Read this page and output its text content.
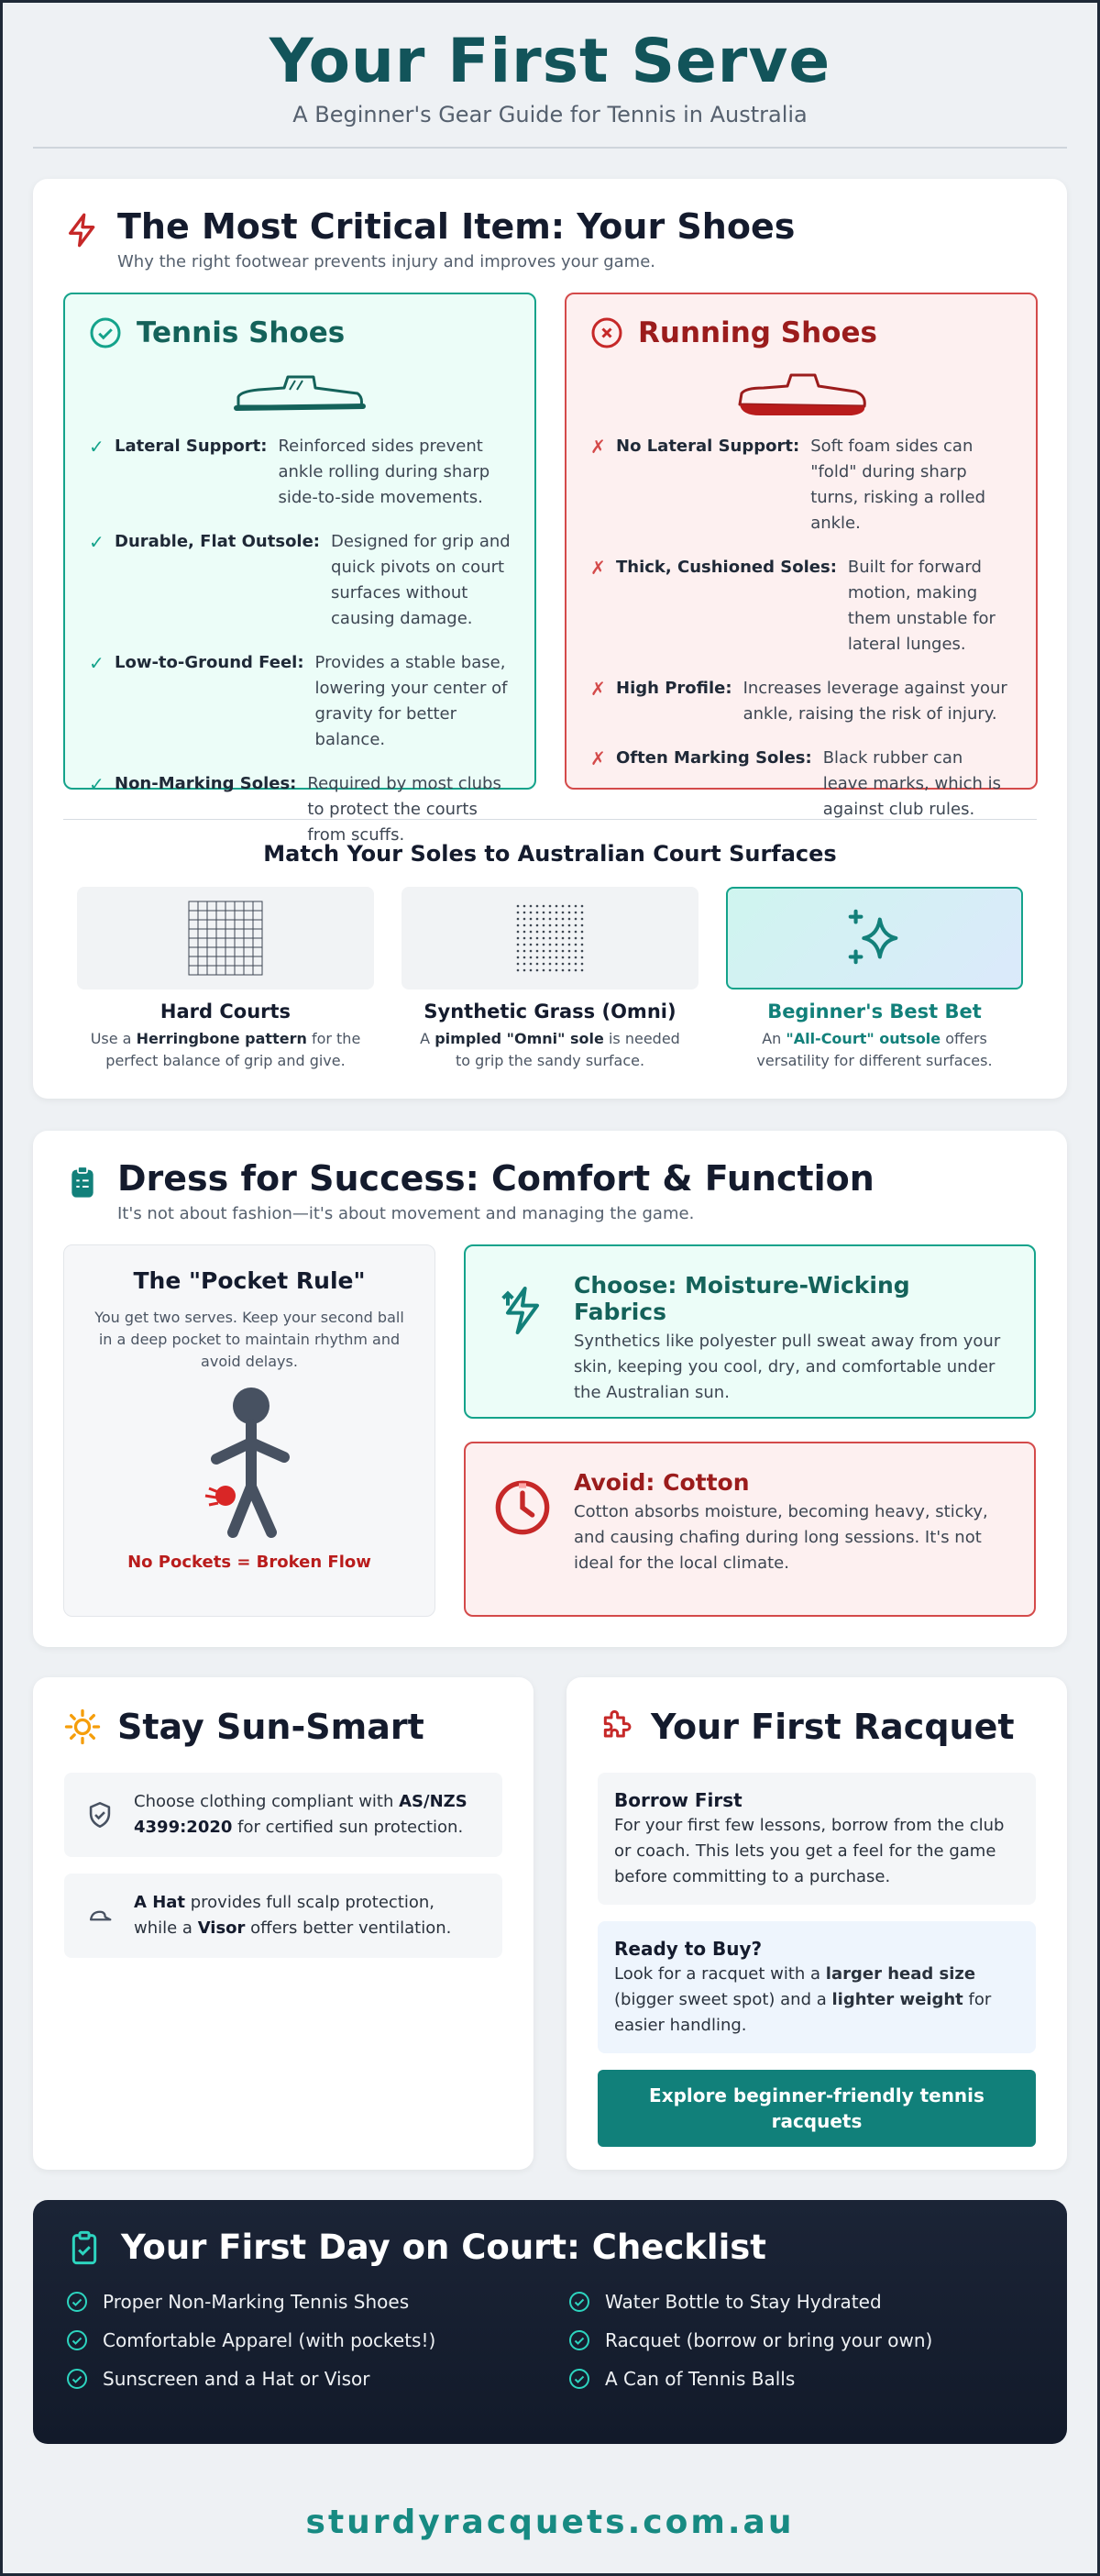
Your First Serve
A Beginner's Gear Guide for Tennis in Australia
The Most Critical Item: Your Shoes
Why the right footwear prevents injury and improves your game.
Tennis Shoes
✓ Lateral Support: Reinforced sides prevent ankle rolling during sharp side-to-side movements.
✓ Durable, Flat Outsole: Designed for grip and quick pivots on court surfaces without causing damage.
✓ Low-to-Ground Feel: Provides a stable base, lowering your center of gravity for better balance.
✓ Non-Marking Soles: Required by most clubs to protect the courts from scuffs.
Running Shoes
✗ No Lateral Support: Soft foam sides can "fold" during sharp turns, risking a rolled ankle.
✗ Thick, Cushioned Soles: Built for forward motion, making them unstable for lateral lunges.
✗ High Profile: Increases leverage against your ankle, raising the risk of injury.
✗ Often Marking Soles: Black rubber can leave marks, which is against club rules.
Match Your Soles to Australian Court Surfaces
Hard Courts
Use a Herringbone pattern for the perfect balance of grip and give.
Synthetic Grass (Omni)
A pimpled "Omni" sole is needed to grip the sandy surface.
Beginner's Best Bet
An "All-Court" outsole offers versatility for different surfaces.
Dress for Success: Comfort & Function
It's not about fashion—it's about movement and managing the game.
The "Pocket Rule"
You get two serves. Keep your second ball in a deep pocket to maintain rhythm and avoid delays.
No Pockets = Broken Flow
Choose: Moisture-Wicking Fabrics
Synthetics like polyester pull sweat away from your skin, keeping you cool, dry, and comfortable under the Australian sun.
Avoid: Cotton
Cotton absorbs moisture, becoming heavy, sticky, and causing chafing during long sessions. It's not ideal for the local climate.
Stay Sun-Smart
Choose clothing compliant with AS/NZS 4399:2020 for certified sun protection.
A Hat provides full scalp protection, while a Visor offers better ventilation.
Your First Racquet
Borrow First
For your first few lessons, borrow from the club or coach. This lets you get a feel for the game before committing to a purchase.
Ready to Buy?
Look for a racquet with a larger head size (bigger sweet spot) and a lighter weight for easier handling.
Explore beginner-friendly tennis racquets
Your First Day on Court: Checklist
Proper Non-Marking Tennis Shoes	Water Bottle to Stay Hydrated
Comfortable Apparel (with pockets!)	Racquet (borrow or bring your own)
Sunscreen and a Hat or Visor	A Can of Tennis Balls
sturdyracquets.com.au
